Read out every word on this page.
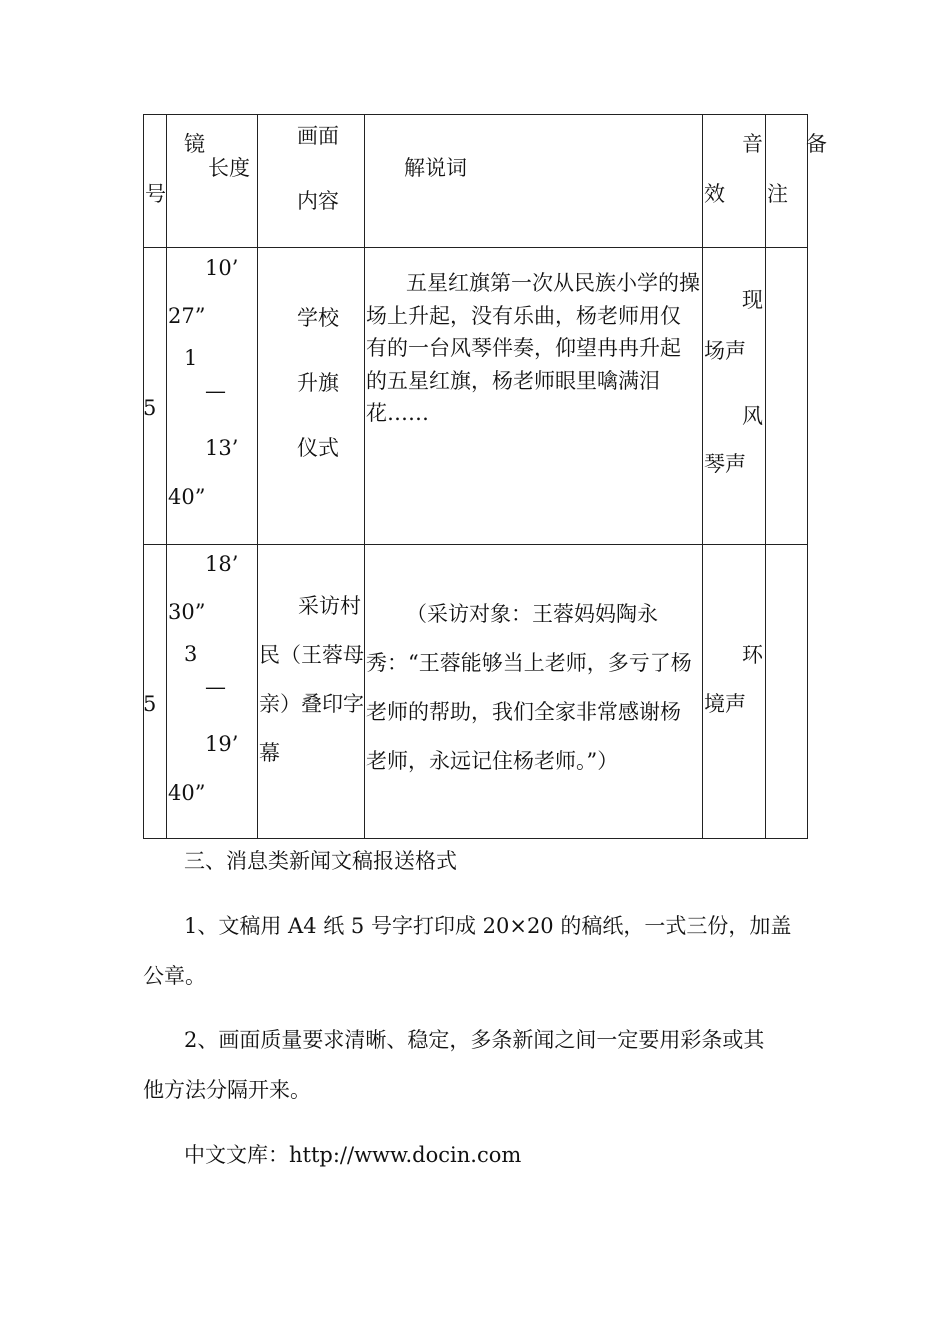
号
镜
长度
画面
内容
解说词
音
效
备
注
5
10’
27”
1
—
13’
40”
学校
升旗
仪式
五星红旗第一次从民族小学的操场上升起，没有乐曲，杨老师用仅有的一台风琴伴奏，仰望冉冉升起的五星红旗，杨老师眼里噙满泪花……
现
场声
风
琴声
5
18’
30”
3
—
19’
40”
采访村
民（王蓉母
亲）叠印字
幕
（采访对象：王蓉妈妈陶永秀：“王蓉能够当上老师，多亏了杨老师的帮助，我们全家非常感谢杨老师，永远记住杨老师。”）
环
境声
三、消息类新闻文稿报送格式
1、文稿用 A4 纸 5 号字打印成 20×20 的稿纸，一式三份，加盖
公章。
2、画面质量要求清晰、稳定，多条新闻之间一定要用彩条或其
他方法分隔开来。
中文文库：http://www.docin.com
